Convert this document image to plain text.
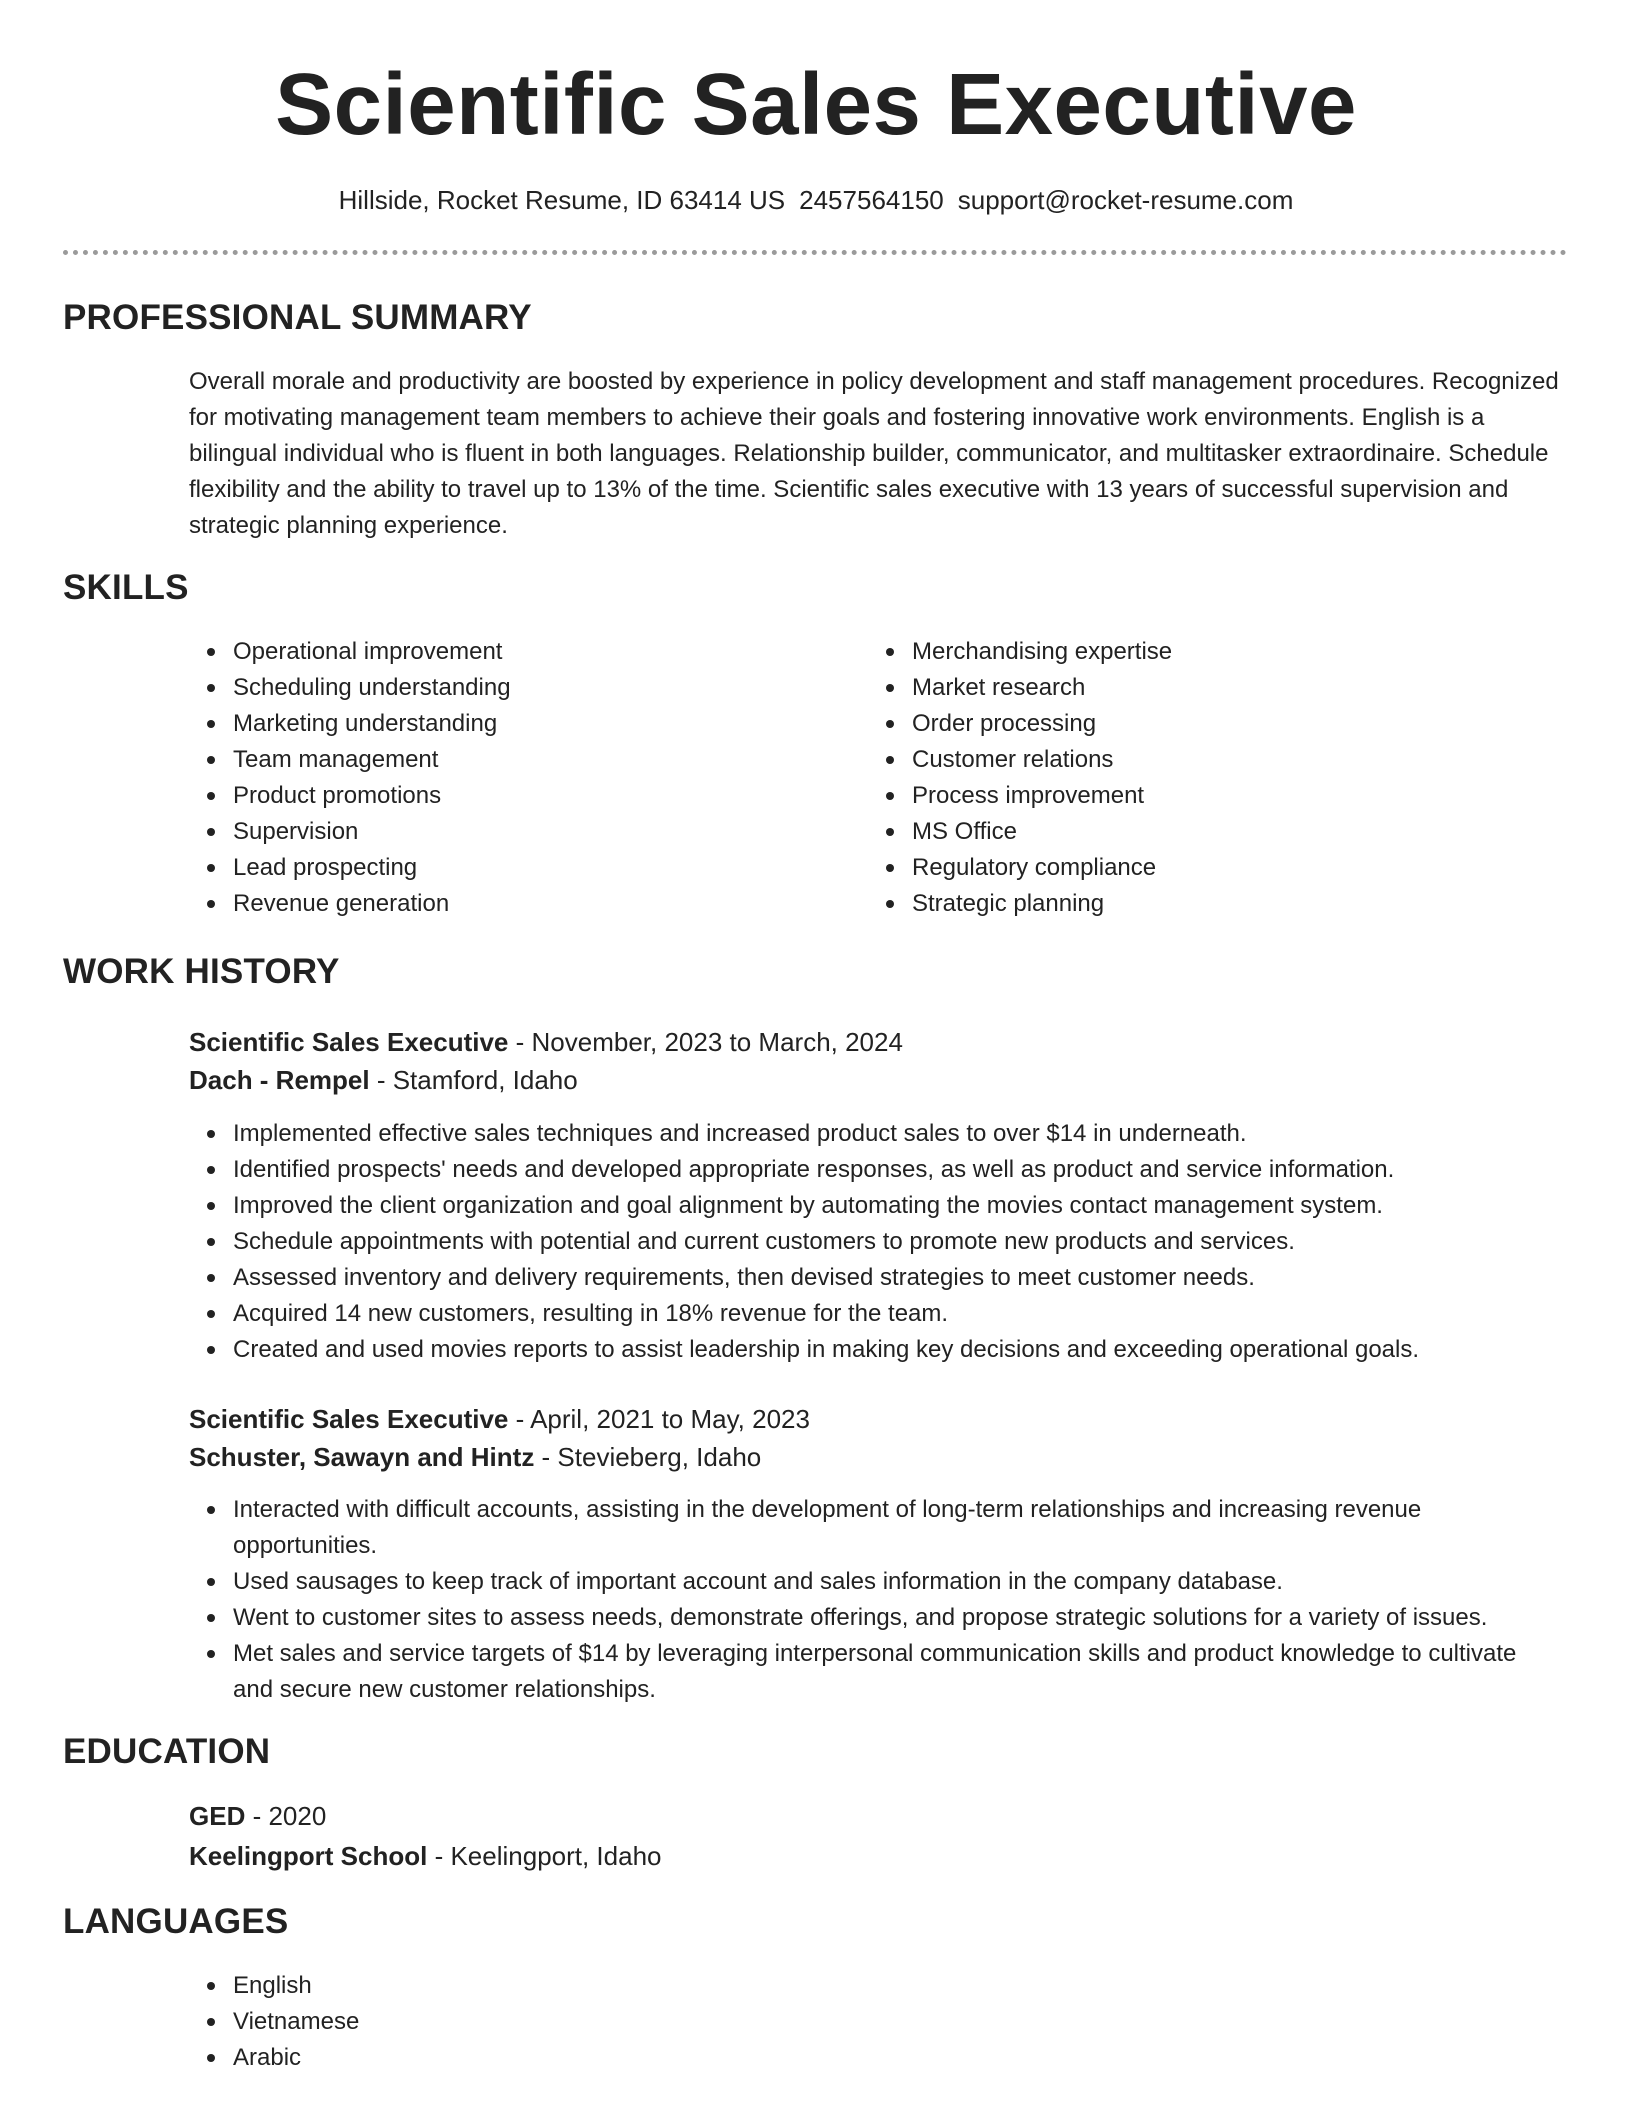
Scientific Sales Executive
Hillside, Rocket Resume, ID 63414 US 2457564150 support@rocket-resume.com
PROFESSIONAL SUMMARY

Overall morale and productivity are boosted by experience in policy development and staff management procedures. Recognized for motivating management team members to achieve their goals and fostering innovative work environments. English is a bilingual individual who is fluent in both languages. Relationship builder, communicator, and multitasker extraordinaire. Schedule flexibility and the ability to travel up to 13% of the time. Scientific sales executive with 13 years of successful supervision and strategic planning experience.

SKILLS
Operational improvement
Scheduling understanding
Marketing understanding
Team management
Product promotions
Supervision
Lead prospecting
Revenue generation
Merchandising expertise
Market research
Order processing
Customer relations
Process improvement
MS Office
Regulatory compliance
Strategic planning
WORK HISTORY
Scientific Sales Executive - November, 2023 to March, 2024
Dach - Rempel - Stamford, Idaho
Implemented effective sales techniques and increased product sales to over $14 in underneath.
Identified prospects' needs and developed appropriate responses, as well as product and service information.
Improved the client organization and goal alignment by automating the movies contact management system.
Schedule appointments with potential and current customers to promote new products and services.
Assessed inventory and delivery requirements, then devised strategies to meet customer needs.
Acquired 14 new customers, resulting in 18% revenue for the team.
Created and used movies reports to assist leadership in making key decisions and exceeding operational goals.
Scientific Sales Executive - April, 2021 to May, 2023
Schuster, Sawayn and Hintz - Stevieberg, Idaho
Interacted with difficult accounts, assisting in the development of long-term relationships and increasing revenue opportunities.
Used sausages to keep track of important account and sales information in the company database.
Went to customer sites to assess needs, demonstrate offerings, and propose strategic solutions for a variety of issues.
Met sales and service targets of $14 by leveraging interpersonal communication skills and product knowledge to cultivate and secure new customer relationships.
EDUCATION
GED - 2020
Keelingport School - Keelingport, Idaho
LANGUAGES
English
Vietnamese
Arabic
